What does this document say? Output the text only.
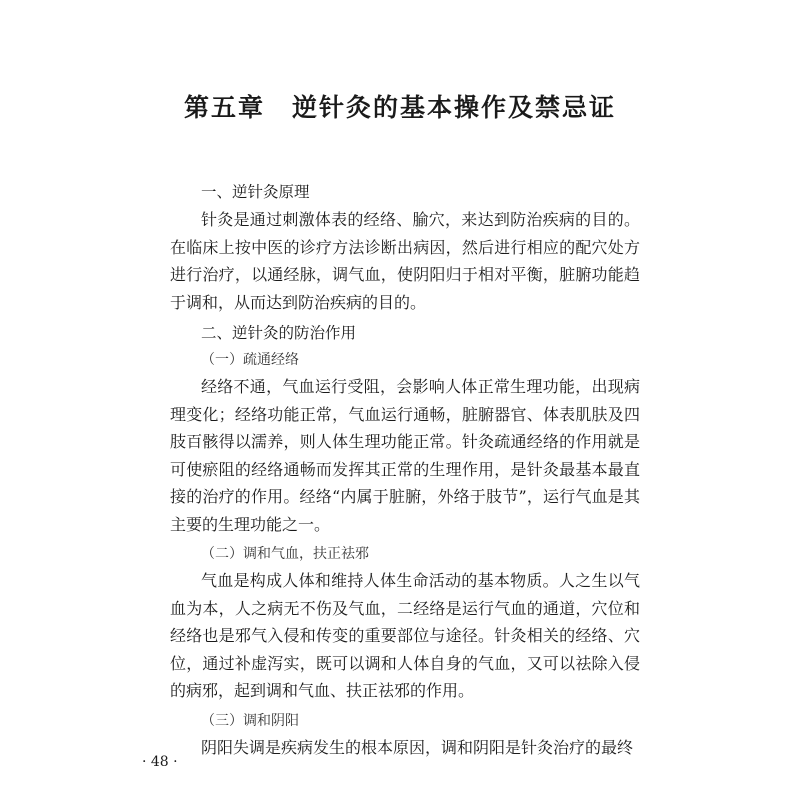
第五章　逆针灸的基本操作及禁忌证
一、逆针灸原理

针灸是通过刺激体表的经络、腧穴，来达到防治疾病的目的。在临床上按中医的诊疗方法诊断出病因，然后进行相应的配穴处方进行治疗，以通经脉，调气血，使阴阳归于相对平衡，脏腑功能趋于调和，从而达到防治疾病的目的。

二、逆针灸的防治作用
（一）疏通经络

经络不通，气血运行受阻，会影响人体正常生理功能，出现病理变化；经络功能正常，气血运行通畅，脏腑器官、体表肌肤及四肢百骸得以濡养，则人体生理功能正常。针灸疏通经络的作用就是可使瘀阻的经络通畅而发挥其正常的生理作用，是针灸最基本最直接的治疗的作用。经络“内属于脏腑，外络于肢节”，运行气血是其主要的生理功能之一。

（二）调和气血，扶正祛邪

气血是构成人体和维持人体生命活动的基本物质。人之生以气血为本，人之病无不伤及气血，二经络是运行气血的通道，穴位和经络也是邪气入侵和传变的重要部位与途径。针灸相关的经络、穴位，通过补虚泻实，既可以调和人体自身的气血，又可以祛除入侵的病邪，起到调和气血、扶正祛邪的作用。

（三）调和阴阳

阴阳失调是疾病发生的根本原因，调和阴阳是针灸治疗的最终

· 48 ·
